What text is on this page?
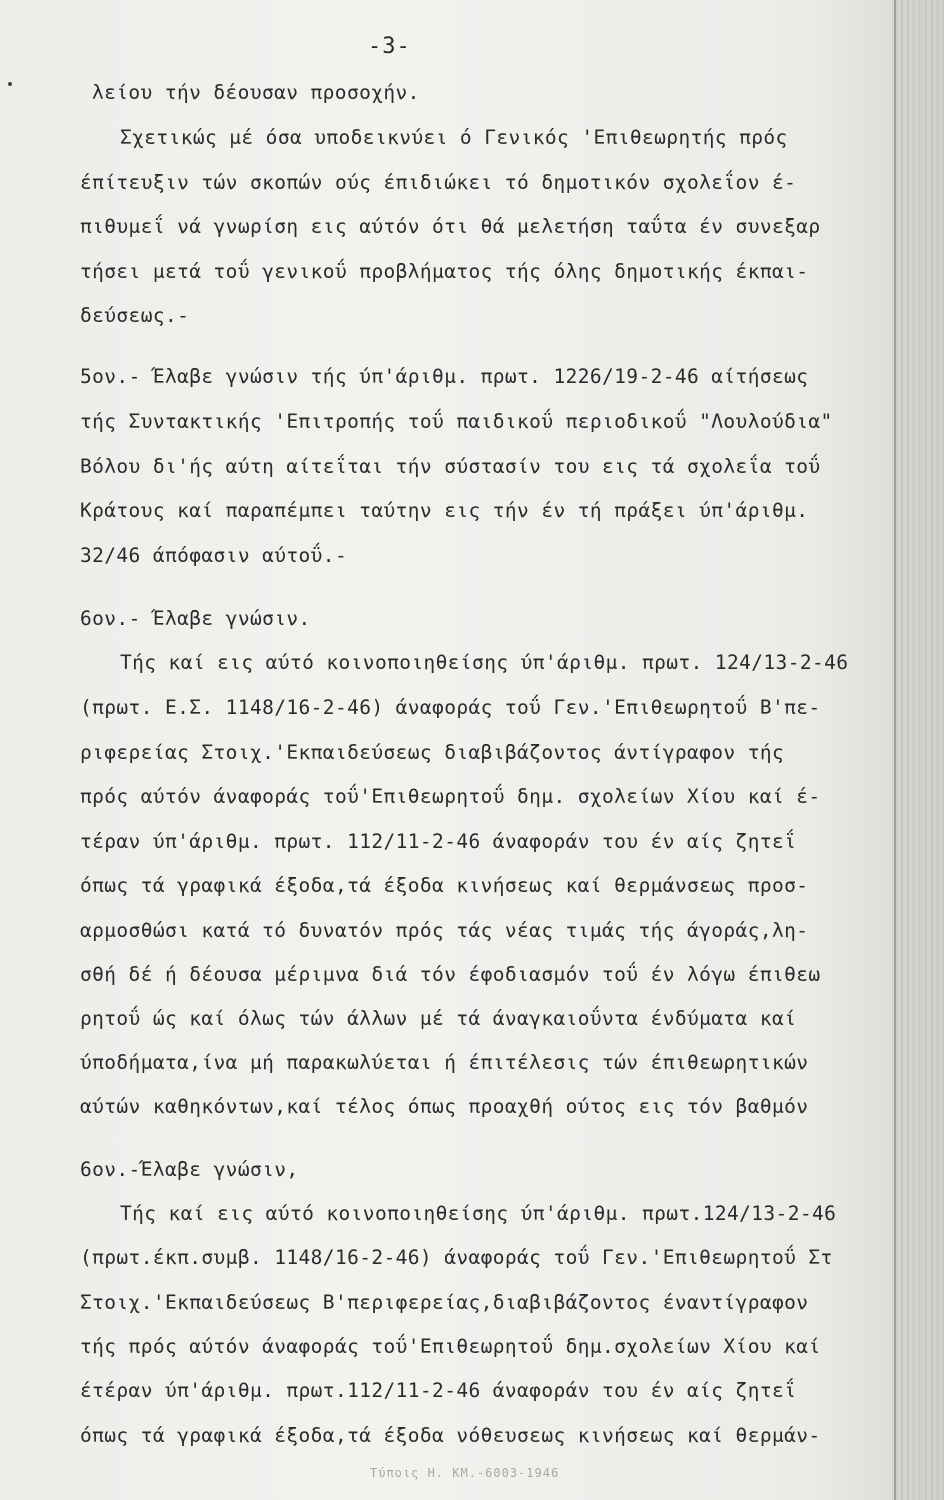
-3-
λείου τήν δέουσαν προσοχήν.
Σχετικώς μέ όσα υποδεικνύει ό Γενικός 'Επιθεωρητής πρός
έπίτευξιν τών σκοπών ούς έπιδιώκει τό δημοτικόν σχολεΐον έ-
πιθυμεΐ νά γνωρίση εις αύτόν ότι θά μελετήση ταΰτα έν συνεξαρ
τήσει μετά τοΰ γενικοΰ προβλήματος τής όλης δημοτικής έκπαι-
δεύσεως.-
5ον.- Έλαβε γνώσιν τής ύπ'άριθμ. πρωτ. 1226/19-2-46 αίτήσεως
τής Συντακτικής 'Επιτροπής τοΰ παιδικοΰ περιοδικοΰ "Λουλούδια"
Βόλου δι'ής αύτη αίτεΐται τήν σύστασίν του εις τά σχολεΐα τοΰ
Κράτους καί παραπέμπει ταύτην εις τήν έν τή πράξει ύπ'άριθμ.
32/46 άπόφασιν αύτοΰ.-
6ον.- Έλαβε γνώσιν.
Τής καί εις αύτό κοινοποιηθείσης ύπ'άριθμ. πρωτ. 124/13-2-46
(πρωτ. Ε.Σ. 1148/16-2-46) άναφοράς τοΰ Γεν.'Επιθεωρητοΰ Β'πε-
ριφερείας Στοιχ.'Εκπαιδεύσεως διαβιβάζοντος άντίγραφον τής
πρός αύτόν άναφοράς τοΰ'Επιθεωρητοΰ δημ. σχολείων Χίου καί έ-
τέραν ύπ'άριθμ. πρωτ. 112/11-2-46 άναφοράν του έν αίς ζητεΐ
όπως τά γραφικά έξοδα,τά έξοδα κινήσεως καί θερμάνσεως προσ-
αρμοσθώσι κατά τό δυνατόν πρός τάς νέας τιμάς τής άγοράς,λη-
σθή δέ ή δέουσα μέριμνα διά τόν έφοδιασμόν τοΰ έν λόγω έπιθεω
ρητοΰ ώς καί όλως τών άλλων μέ τά άναγκαιοΰντα ένδύματα καί
ύποδήματα,ίνα μή παρακωλύεται ή έπιτέλεσις τών έπιθεωρητικών
αύτών καθηκόντων,καί τέλος όπως προαχθή ούτος εις τόν βαθμόν
6ον.-Έλαβε γνώσιν,
Τής καί εις αύτό κοινοποιηθείσης ύπ'άριθμ. πρωτ.124/13-2-46
(πρωτ.έκπ.συμβ. 1148/16-2-46) άναφοράς τοΰ Γεν.'Επιθεωρητοΰ Στ
Στοιχ.'Εκπαιδεύσεως Β'περιφερείας,διαβιβάζοντος έναντίγραφον
τής πρός αύτόν άναφοράς τοΰ'Επιθεωρητοΰ δημ.σχολείων Χίου καί
έτέραν ύπ'άριθμ. πρωτ.112/11-2-46 άναφοράν του έν αίς ζητεΐ
όπως τά γραφικά έξοδα,τά έξοδα νόθευσεως κινήσεως καί θερμάν-
Τύποις Η. ΚΜ.-6003-1946
